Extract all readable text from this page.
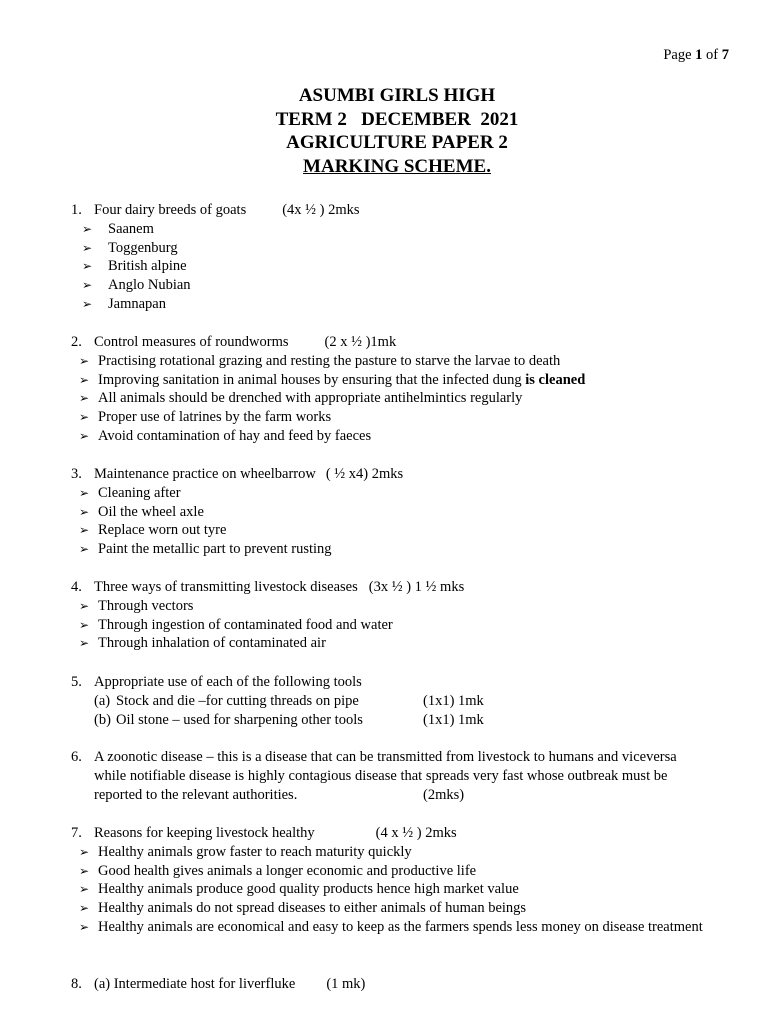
Page 1 of 7
ASUMBI GIRLS HIGH
TERM 2   DECEMBER  2021
AGRICULTURE PAPER 2
MARKING SCHEME.
1. Four dairy breeds of goats (4x ½ ) 2mks
➢ Saanem
➢ Toggenburg
➢ British alpine
➢ Anglo Nubian
➢ Jamnapan
2. Control measures of roundworms (2 x ½ )1mk
➢ Practising rotational grazing and resting the pasture to starve the larvae to death
➢ Improving sanitation in animal houses by ensuring that the infected dung is cleaned
➢ All animals should be drenched with appropriate antihelmintics regularly
➢ Proper use of latrines by the farm works
➢ Avoid contamination of hay and feed by faeces
3. Maintenance practice on wheelbarrow ( ½ x4) 2mks
➢ Cleaning after
➢ Oil the wheel axle
➢ Replace worn out tyre
➢ Paint the metallic part to prevent rusting
4. Three ways of transmitting livestock diseases (3x ½ ) 1 ½ mks
➢ Through vectors
➢ Through ingestion of contaminated food and water
➢ Through inhalation of contaminated air
5. Appropriate use of each of the following tools
(a) Stock and die –for cutting threads on pipe	(1x1) 1mk
(b) Oil stone – used for sharpening other tools	(1x1) 1mk
6. A zoonotic disease – this is a disease that can be transmitted from livestock to humans and viceversa
while notifiable disease is highly contagious disease that spreads very fast whose outbreak must be
reported to the relevant authorities.	(2mks)
7. Reasons for keeping livestock healthy	(4 x ½ ) 2mks
➢ Healthy animals grow faster to reach maturity quickly
➢ Good health gives animals a longer economic and productive life
➢ Healthy animals produce good quality products hence high market value
➢ Healthy animals do not spread diseases to either animals of human beings
➢ Healthy animals are economical and easy to keep as the farmers spends less money on disease treatment
8. (a) Intermediate host for liverfluke (1 mk)
